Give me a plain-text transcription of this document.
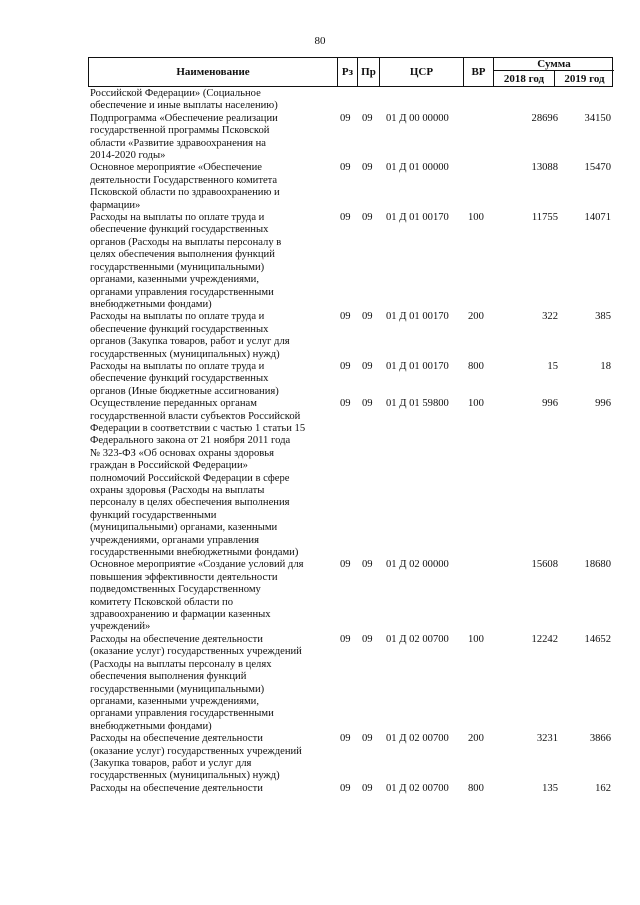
80
Наименование	Рз Пр	ЦСР	ВР
Сумма
2018 год	2019 год
Российской Федерации» (Социальное
обеспечение и иные выплаты населению)
Подпрограмма «Обеспечение реализации
государственной программы Псковской
области «Развитие здравоохранения на
2014-2020 годы»
09 09 01 Д 00 00000	28696	34150
Основное мероприятие «Обеспечение
деятельности Государственного комитета
Псковской области по здравоохранению и
фармации»
09 09 01 Д 01 00000	13088	15470
Расходы на выплаты по оплате труда и
обеспечение функций государственных
органов (Расходы на выплаты персоналу в
целях обеспечения выполнения функций
государственными (муниципальными)
органами, казенными учреждениями,
органами управления государственными
внебюджетными фондами)
09 09 01 Д 01 00170 100	11755	14071
Расходы на выплаты по оплате труда и
обеспечение функций государственных
органов (Закупка товаров, работ и услуг для
государственных (муниципальных) нужд)
09 09 01 Д 01 00170 200	322	385
Расходы на выплаты по оплате труда и
обеспечение функций государственных
органов (Иные бюджетные ассигнования)
09 09 01 Д 01 00170 800	15	18
Осуществление переданных органам
государственной власти субъектов Российской
Федерации в соответствии с частью 1 статьи 15
Федерального закона от 21 ноября 2011 года
№ 323-ФЗ «Об основах охраны здоровья
граждан в Российской Федерации»
полномочий Российской Федерации в сфере
охраны здоровья (Расходы на выплаты
персоналу в целях обеспечения выполнения
функций государственными
(муниципальными) органами, казенными
учреждениями, органами управления
государственными внебюджетными фондами)
09 09 01 Д 01 59800 100	996	996
Основное мероприятие «Создание условий для
повышения эффективности деятельности
подведомственных Государственному
комитету Псковской области по
здравоохранению и фармации казенных
учреждений»
09 09 01 Д 02 00000	15608	18680
Расходы на обеспечение деятельности
(оказание услуг) государственных учреждений
(Расходы на выплаты персоналу в целях
обеспечения выполнения функций
государственными (муниципальными)
органами, казенными учреждениями,
органами управления государственными
внебюджетными фондами)
09 09 01 Д 02 00700 100	12242	14652
Расходы на обеспечение деятельности
(оказание услуг) государственных учреждений
(Закупка товаров, работ и услуг для
государственных (муниципальных) нужд)
09 09 01 Д 02 00700 200	3231	3866
Расходы на обеспечение деятельности	09 09 01 Д 02 00700 800	135	162
